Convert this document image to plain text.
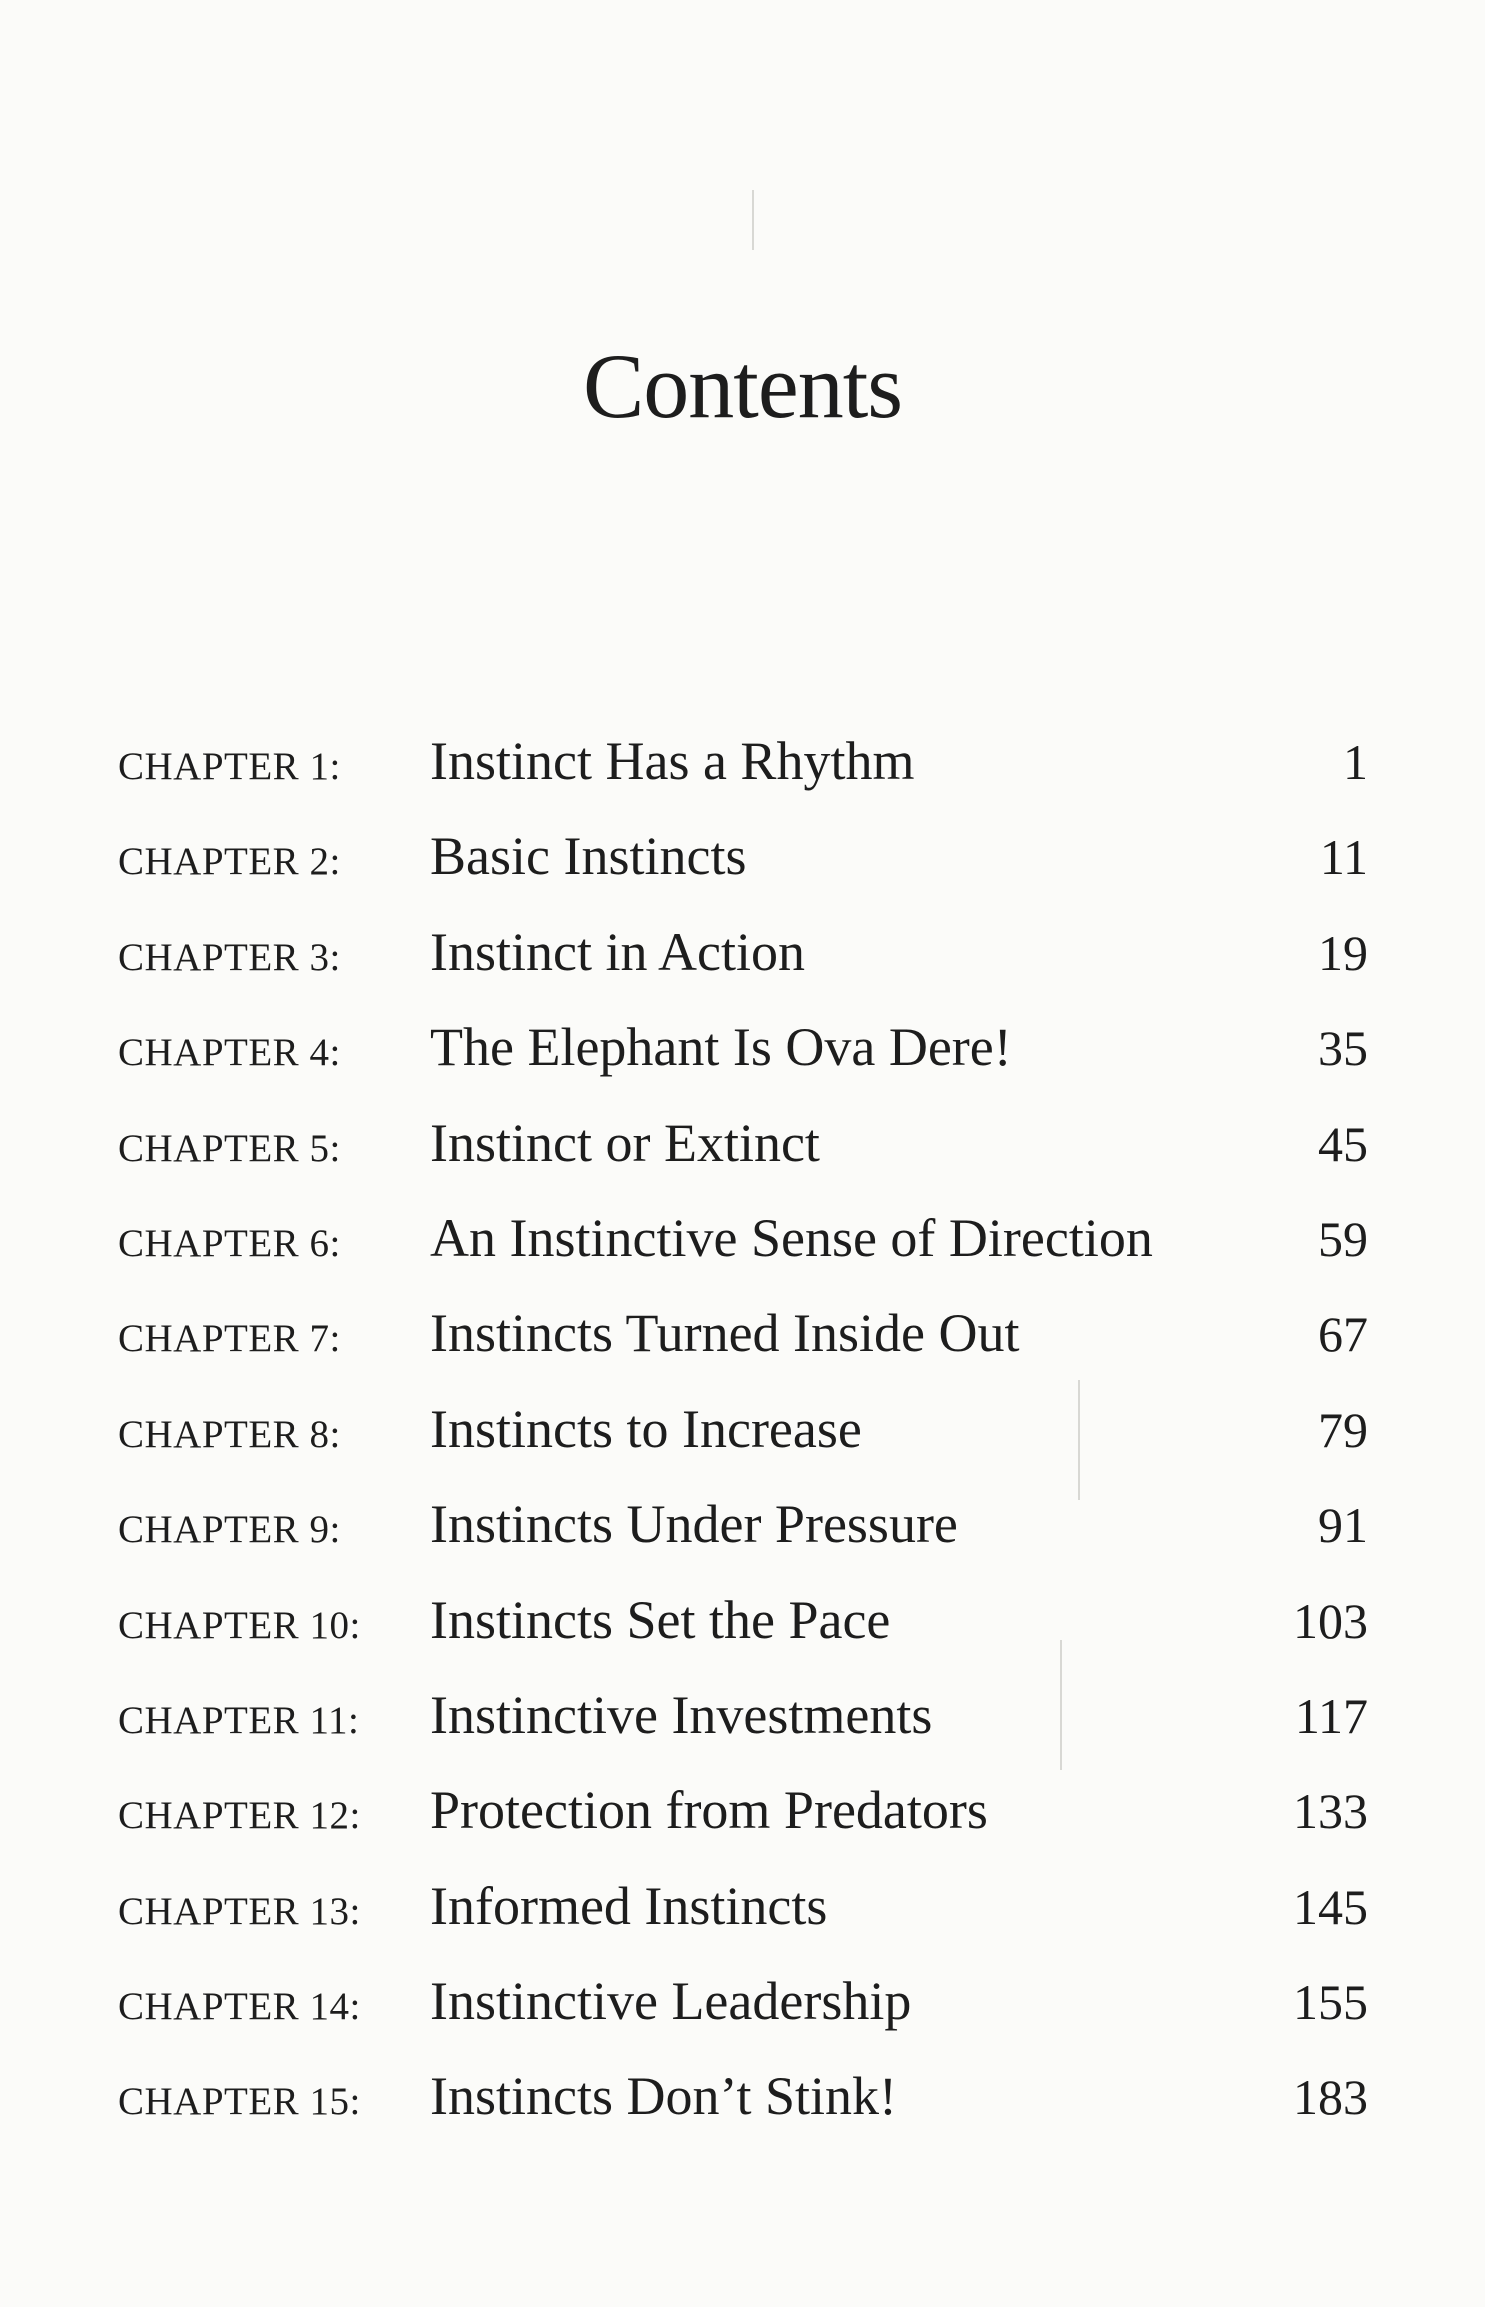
Contents
CHAPTER 1:	Instinct Has a Rhythm	1
CHAPTER 2:	Basic Instincts	11
CHAPTER 3:	Instinct in Action	19
CHAPTER 4:	The Elephant Is Ova Dere!	35
CHAPTER 5:	Instinct or Extinct	45
CHAPTER 6:	An Instinctive Sense of Direction	59
CHAPTER 7:	Instincts Turned Inside Out	67
CHAPTER 8:	Instincts to Increase	79
CHAPTER 9:	Instincts Under Pressure	91
CHAPTER 10:	Instincts Set the Pace	103
CHAPTER 11:	Instinctive Investments	117
CHAPTER 12:	Protection from Predators	133
CHAPTER 13:	Informed Instincts	145
CHAPTER 14:	Instinctive Leadership	155
CHAPTER 15:	Instincts Don’t Stink!	183
